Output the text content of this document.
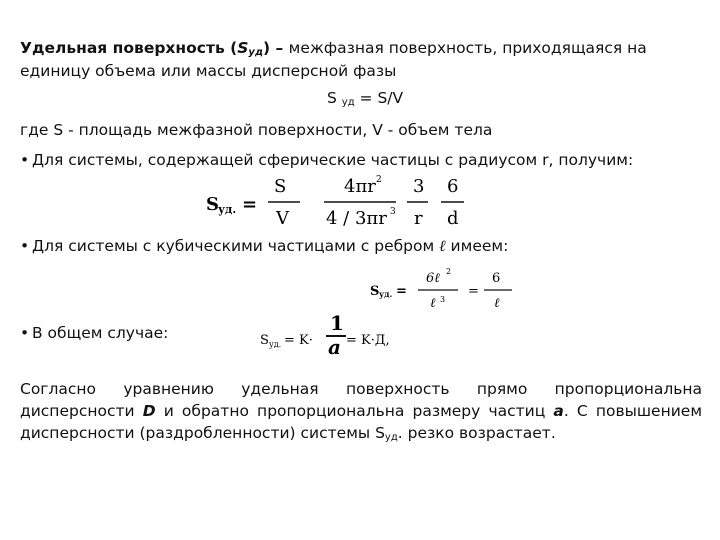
Удельная поверхность (Sуд) – межфазная поверхность, приходящаяся на
единицу объема или массы дисперсной фазы
S уд = S/V
где S - площадь межфазной поверхности, V - объем тела
• Для системы, содержащей сферические частицы с радиусом r, получим:
S уд. =
S
V
4πr 2
4 / 3πr 3
3
r
6
d
• Для системы с кубическими частицами с ребром ℓ имеем:
S уд. =
6ℓ 2
ℓ 3
=
6
ℓ
• В общем случае:	S уд. = K·
1
a = K·Д,
Согласно уравнению удельная поверхность прямо пропорциональна
дисперсности D и обратно пропорциональна размеру частиц a. С повышением
дисперсности (раздробленности) системы Sуд. резко возрастает.
